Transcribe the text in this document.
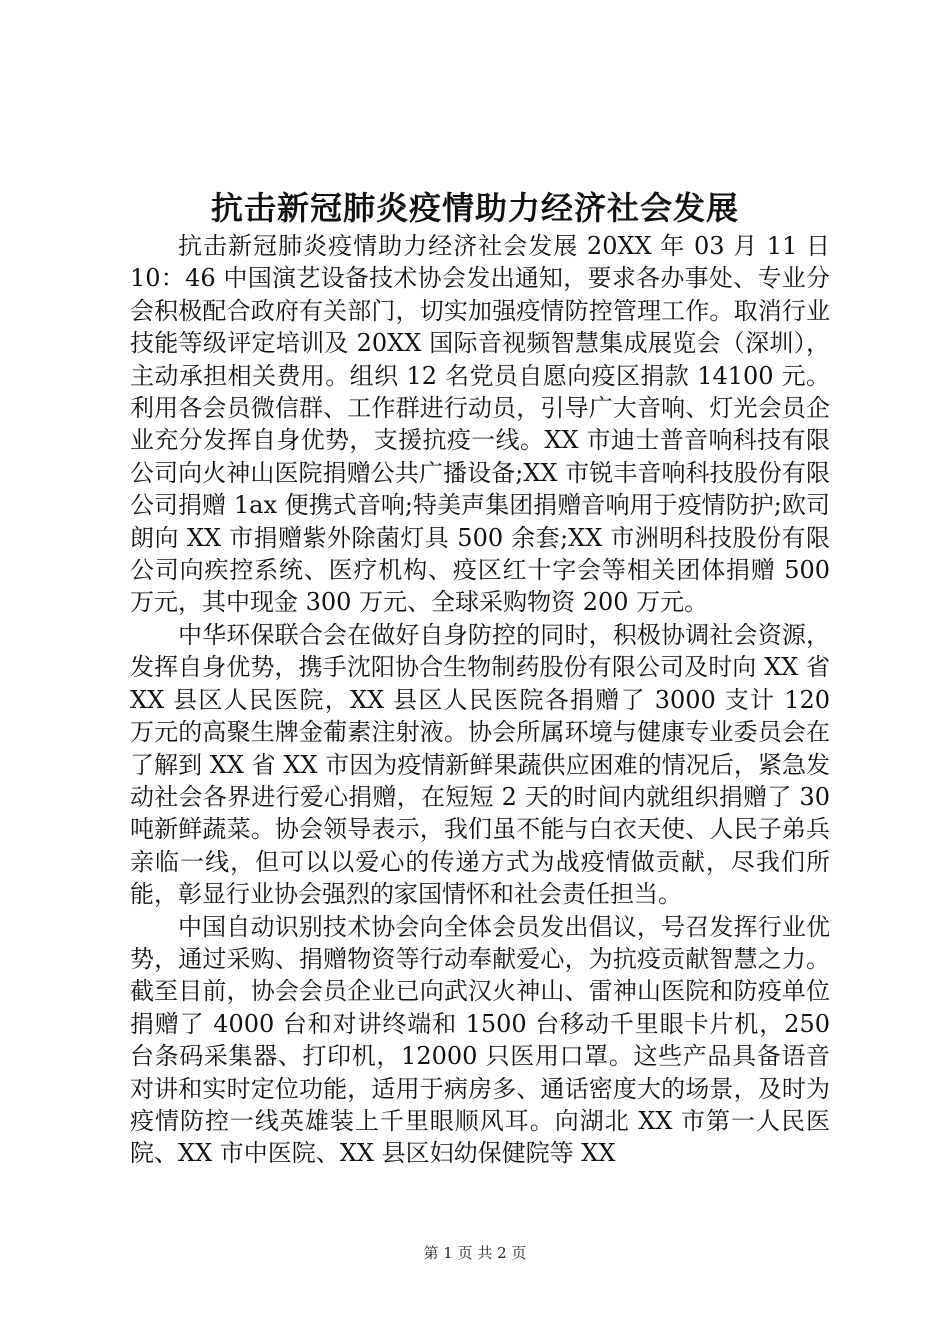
抗击新冠肺炎疫情助力经济社会发展

抗击新冠肺炎疫情助力经济社会发展 20XX 年 03 月 11 日 10：46 中国演艺设备技术协会发出通知，要求各办事处、专业分会积极配合政府有关部门，切实加强疫情防控管理工作。取消行业技能等级评定培训及 20XX 国际音视频智慧集成展览会（深圳），主动承担相关费用。组织 12 名党员自愿向疫区捐款 14100 元。利用各会员微信群、工作群进行动员，引导广大音响、灯光会员企业充分发挥自身优势，支援抗疫一线。XX 市迪士普音响科技有限公司向火神山医院捐赠公共广播设备;XX 市锐丰音响科技股份有限公司捐赠 1ax 便携式音响;特美声集团捐赠音响用于疫情防护;欧司朗向 XX 市捐赠紫外除菌灯具 500 余套;XX 市洲明科技股份有限公司向疾控系统、医疗机构、疫区红十字会等相关团体捐赠 500 万元，其中现金 300 万元、全球采购物资 200 万元。

中华环保联合会在做好自身防控的同时，积极协调社会资源，发挥自身优势，携手沈阳协合生物制药股份有限公司及时向 XX 省 XX 县区人民医院，XX 县区人民医院各捐赠了 3000 支计 120 万元的高聚生牌金葡素注射液。协会所属环境与健康专业委员会在了解到 XX 省 XX 市因为疫情新鲜果蔬供应困难的情况后，紧急发动社会各界进行爱心捐赠，在短短 2 天的时间内就组织捐赠了 30 吨新鲜蔬菜。协会领导表示，我们虽不能与白衣天使、人民子弟兵亲临一线，但可以以爱心的传递方式为战疫情做贡献，尽我们所能，彰显行业协会强烈的家国情怀和社会责任担当。

中国自动识别技术协会向全体会员发出倡议，号召发挥行业优势，通过采购、捐赠物资等行动奉献爱心，为抗疫贡献智慧之力。截至目前，协会会员企业已向武汉火神山、雷神山医院和防疫单位捐赠了 4000 台和对讲终端和 1500 台移动千里眼卡片机，250 台条码采集器、打印机，12000 只医用口罩。这些产品具备语音对讲和实时定位功能，适用于病房多、通话密度大的场景，及时为疫情防控一线英雄装上千里眼顺风耳。向湖北 XX 市第一人民医院、XX 市中医院、XX 县区妇幼保健院等 XX

第 1 页 共 2 页
